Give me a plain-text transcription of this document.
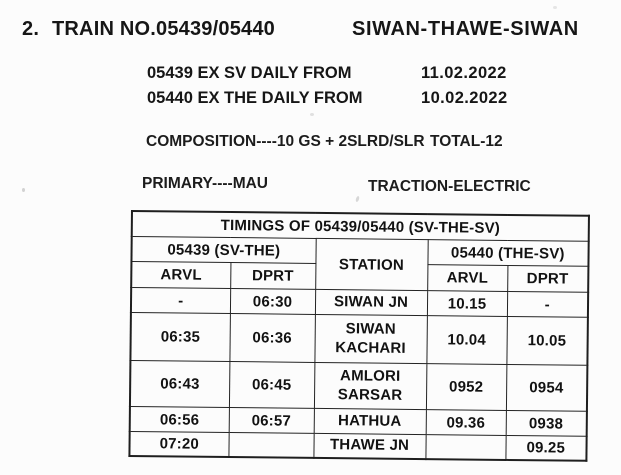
2. TRAIN NO.05439/05440	SIWAN-THAWE-SIWAN
05439 EX SV DAILY FROM	11.02.2022
05440 EX THE DAILY FROM	10.02.2022
COMPOSITION----10 GS + 2SLRD/SLR TOTAL-12
PRIMARY----MAU	TRACTION-ELECTRIC
TIMINGS OF 05439/05440 (SV-THE-SV)				
05439 (SV-THE)		STATION	05440 (THE-SV)	
ARVL	DPRT		ARVL	DPRT
-	06:30	SIWAN JN	10.15	-
06:35	06:36	SIWAN KACHARI	10.04	10.05
06:43	06:45	AMLORI SARSAR	0952	0954
06:56	06:57	HATHUA	09.36	0938
07:20		THAWE JN		09.25
